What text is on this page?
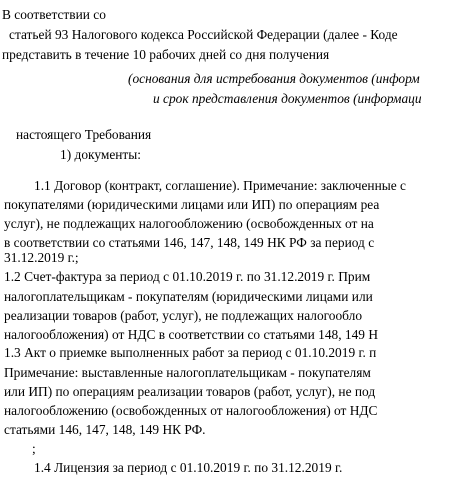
В соответствии со
статьей 93 Налогового кодекса Российской Федерации (далее - Коде
представить в течение 10 рабочих дней со дня получения
(основания для истребования документов (информ
и срок представления документов (информаци
настоящего Требования
1) документы:
1.1 Договор (контракт, соглашение). Примечание: заключенные с
покупателями (юридическими лицами или ИП) по операциям реа
услуг), не подлежащих налогообложению (освобожденных от на
в соответствии со статьями 146, 147, 148, 149 НК РФ за период с
31.12.2019 г.;
1.2 Счет-фактура за период с 01.10.2019 г. по 31.12.2019 г. Прим
налогоплательщикам - покупателям (юридическими лицами или
реализации товаров (работ, услуг), не подлежащих налогообло
налогообложения) от НДС в соответствии со статьями 148, 149 Н
1.3 Акт о приемке выполненных работ за период с 01.10.2019 г. п
Примечание: выставленные налогоплательщикам - покупателям
или ИП) по операциям реализации товаров (работ, услуг), не под
налогообложению (освобожденных от налогообложения) от НДС
статьями 146, 147, 148, 149 НК РФ.
;
1.4 Лицензия за период с 01.10.2019 г. по 31.12.2019 г.
